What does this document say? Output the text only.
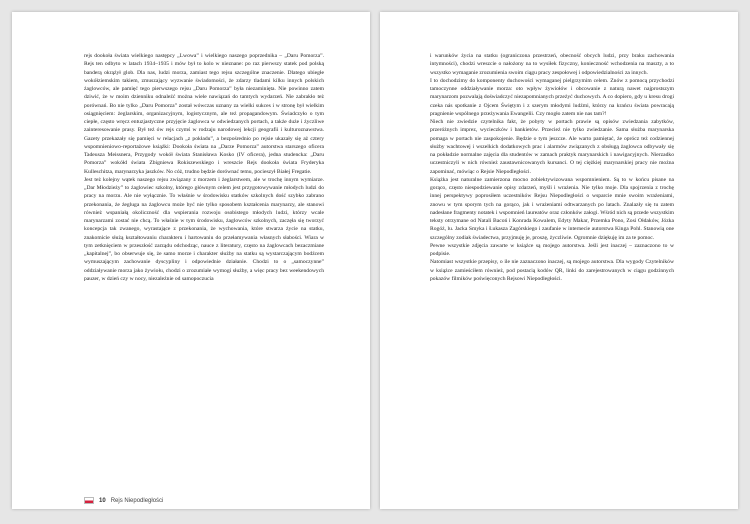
rejs dookoła świata wielkiego następcy „Lwowa” i wielkiego naszego poprzednika – „Daru Pomorza”. Rejs ten odbyto w latach 1934–1935 i mów był to kolo w nieznane: po raz pierwszy statek pod polską banderą okrążył glob. Dla nas, ludzi morza, zamiast tego rejsu szczególne znaczenie. Dlatego ubiegłe wokółziemskim takiem, zmuszający wyzwanie świadomości, że zdarzy tladami kilku innych polskich żaglowców, ale pamięć tego pierwszego rejsu „Daru Pomorza” była niezaminięta. Nie powinno zatem dziwić, że w moim dzienniku odnaleźć można wiele nawiązań do tamtych wydarzeń. Nie zabrakło też porównań. Bo nie tylko „Daru Pomorza” został wówczas uznany za wielki sukces i w stronę był wielkim osiągnięciem: żeglarskim, organizacyjnym, logistycznym, ale też propagandowym. Świadczyło o tym ciepłe, często wręcz entuzjastyczne przyjęcie żaglowca w odwiedzanych portach, a także duże i życzliwe zainteresowanie prasy. Był też ów rejs czymś w rodzaju narodowej lekcji geografii i kulturoznawstwa. Gazety przekazały się pamięci w relacjach „z pokładu”, a bezpośrednio po rejsie ukazały się aż cztery wspomnieniowo-reportażowe książki: Dookoła świata na „Darze Pomorza” autorstwa starszego oficera Tadeusza Meissnera, Przygody wokół świata Stanisława Kosko (IV oficera), jedna studencka: „Daru Pomorza” wokółd świata Zbigniewa Rokiszewskiego i wreszcie Rejs dookoła świata Fryderyka Kulleschitza, marynarzyka jaszków. No cóż, trudno będzie dorównać temu, pocieszył Białej Fregatie.

Jest też kolejny wątek naszego rejsu związany z morzem i żeglarstwem, ale w trochę innym wymiarze. „Dar Młodzieży” to żaglowiec szkolny, którego głównym celem jest przygotowywanie młodych ludzi do pracy na morzu. Ale nie wyłącznie. To właśnie w środowisku statków szkolnych dość szybko zabrano przekonania, że żegluga na żaglowcu może być nie tylko sposobem kształcenia marynarzy, ale stanowi również wspaniałą okoliczność dla wspierania rozwoju osobistego młodych ludzi, którzy wcale marynarzami zostać nie chcą. To właśnie w tym środowisku, żaglowców szkolnych, zaczęła się tworzyć koncepcja tak zwanego, wyrastające z przekonania, że wychowania, które stwarza życie na statku, znakomicie służą kształtowaniu charakteru i hartowaniu do przełamywania własnych słabości. Wiara w tym zetknięciem w przeszłość zarządu odchodząc, nauce z literatury, często na żaglowcach bezaczmiane „kapitalnej”, bo obserwuje się, że samo morze i charakter służby na statku są wystarczającym bodźcem wymuszającym zachowanie dyscypliny i odpowiednie działanie. Chodzi to o „samoczynne” oddziaływanie morza jako żywiołu, chodzi o zrozumiałe wymogi służby, a więc pracy bez weekendowych pauzer, w dzień czy w nocy, niezależnie od samopoczucia

10 Rejs Niepodległości

i warunków życia na statku (ograniczona przestrzeń, obecność obcych ludzi, przy braku zachowania intymności), chodzi wreszcie o nałożony na to wysiłek fizyczny, konieczność wchodzenia na maszty, a to wszystko wymaganie zrozumienia swoim ciągu pracy zespołowej i odpowiedzialności za innych.

I to dochodzimy do komponenty duchowości wymaganej pielgrzymim celem. Znów z pomocą przychodzi tamoczynne oddziaływanie morza: oto wpływ żywiołów i obcowanie z naturą nawet najprostszym marynarzom pozwalają doświadczyć niezapomnianych przeżyć duchowych. A co dopiero, gdy u kresu drogi czeka nás spotkanie z Ojcem Świętym i z szerym młodymi ludźmi, którzy na krańcu świata powracają pragnienie wspólnego przeżywania Ewangelii. Czy mogło zatem nie nas tam?!

Niech nie zwiedzie czytelnika fakt, że pobyty w portach prawie są opisów zwiedzania zabytków, przeróżnych imprez, wycieczków i bankietów. Przecież nie tylko zwiedzanie. Sama służba marynarska pomaga w portach nie zaspokojenie. Będzie o tym jeszcze. Ale warto pamiętać, że oprócz też codziennej służby wachtowej i wszelkich dodatkowych prac i alarmów związanych z obsługą żaglowca odbywały się na pokładzie normalne zajęcia dla studentów w zamach praktyk marynarskich i nawigacyjnych. Nierzadko uczestniczyli w nich również zaustawnicowanych kursanci. O tej ciężkiej marynarskiej pracy nie można zapominać, mówiąc o Rejsie Niepodległości.

Książka jest naturalne zamierzona mocno zobiektywizowana wspomnieniem. Są to w końcu pisane na gorąco, często niespodziewanie opisy zdarzeń, myśli i wrażenia. Nie tylko moje. Dla spojrzenia z trochę innej perspektywy poprosiłem uczestników Rejsu Niepodległości o wsparcie mnie swoim wrażeniami, znowu w tym sporym tych na gorąco, jak i wrażeniami odtwarzanych po latach. Znalazły się tu zatem nadesłane fragmenty notatek i wspomnień laureatów oraz członków załogi. Wśród nich są przede wszystkim teksty otrzymane od Natali Bacoń i Konrada Kowalem, Edyty Makar, Przemka Pono, Zosi Ołdaków, Józka Rogóż, lu. Jacka Smyka i Łukasza Zagórskiego i zaufanie w internecie autorstwa Kinga Pohl. Stanowią one szczególny zodiak świadectwa, przyjmuję je, proszę, życzliwie. Ogromnie dziękuję im za te pomoc.

Pewne wszystkie zdjęcia zawarte w książce są mojego autorstwa. Jeśli jest inaczej – zaznaczono to w podpisie.

Natomiast wszystkie przepisy, o ile nie zaznaczono inaczej, są mojego autorstwa. Dla wygody Czytelników w książce zamieściłem również, pod postacią kodów QR, linki do zarejestrowanych w ciągu godzinnych pokazów filmików poświęconych Rejsowi Niepodległości.
